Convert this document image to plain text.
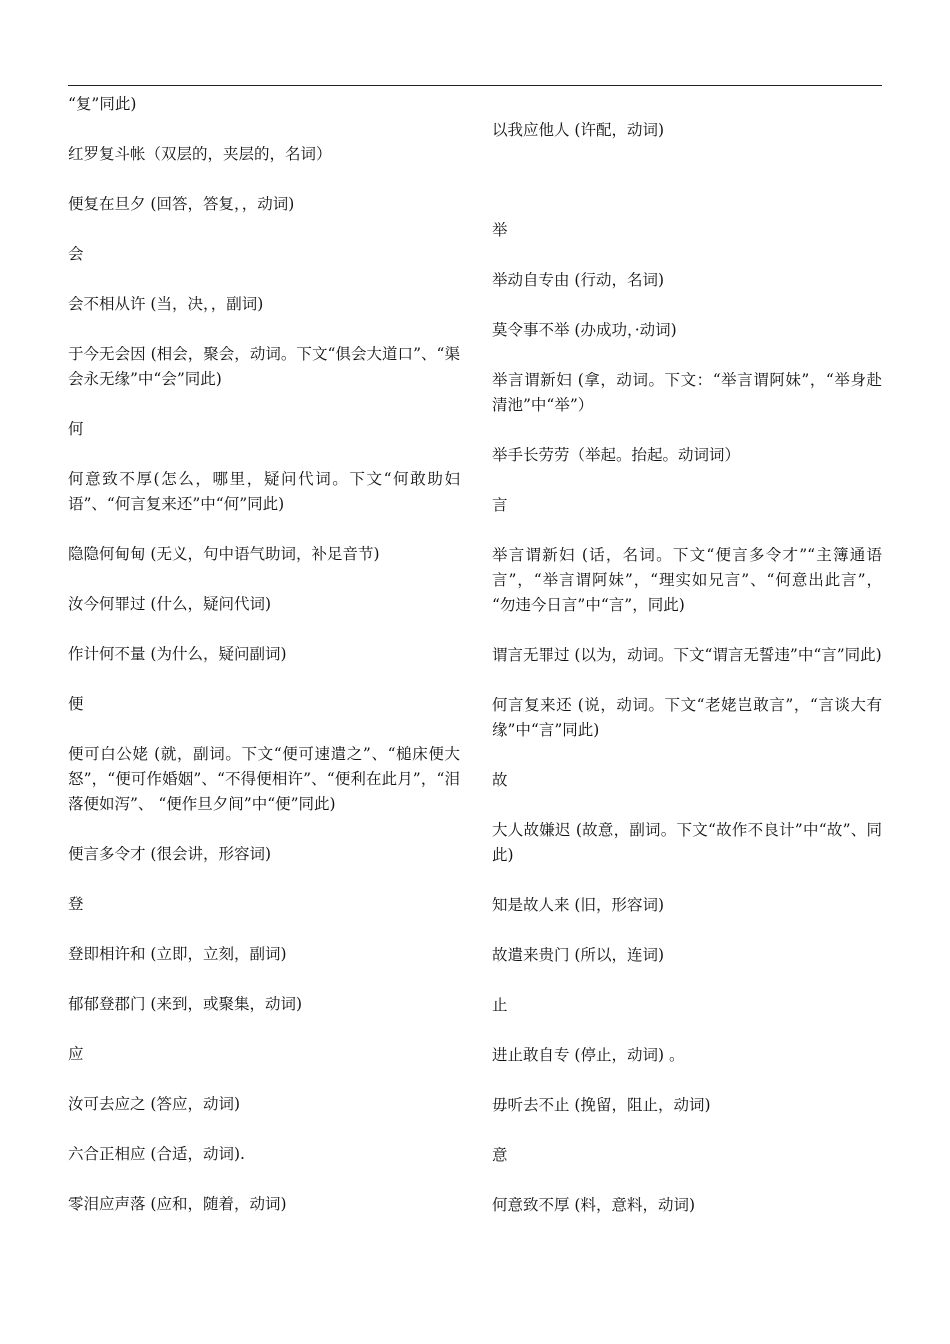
“复”同此)

红罗复斗帐（双层的，夹层的，名词）

便复在旦夕 (回答，答复，，动词)

会

会不相从许 (当，决，，副词)

于今无会因 (相会，聚会，动词。下文“俱会大道口”、“渠会永无缘”中“会”同此)

何

何意致不厚(怎么，哪里，疑问代词。下文“何敢助妇语”、“何言复来还”中“何”同此)

隐隐何甸甸 (无义，句中语气助词，补足音节)

汝今何罪过 (什么，疑问代词)

作计何不量 (为什么，疑问副词)

便

便可白公姥 (就，副词。下文“便可速遣之”、“槌床便大怒”，“便可作婚姻”、“不得便相许”、“便利在此月”，“泪落便如泻”、 “便作旦夕间”中“便”同此)

便言多令才 (很会讲，形容词)

登

登即相许和 (立即，立刻，副词)

郁郁登郡门 (来到，或聚集，动词)

应

汝可去应之 (答应，动词)

六合正相应 (合适，动词).

零泪应声落 (应和，随着，动词)

以我应他人 (许配，动词)

举

举动自专由 (行动，名词)

莫令事不举 (办成功，·动词)

举言谓新妇 (拿，动词。下文：“举言谓阿妹”，“举身赴清池”中“举”）

举手长劳劳（举起。抬起。动词词）

言

举言谓新妇 (话，名词。下文“便言多令才”“主簿通语言”，“举言谓阿妹”，“理实如兄言”、“何意出此言”， “勿违今日言”中“言”，同此)

谓言无罪过 (以为，动词。下文“谓言无誓违”中“言”同此)

何言复来还 (说，动词。下文“老姥岂敢言”，“言谈大有缘”中“言”同此)

故

大人故嫌迟 (故意，副词。下文“故作不良计”中“故”、同此)

知是故人来 (旧，形容词)

故遣来贵门 (所以，连词)

止

进止敢自专 (停止，动词) 。

毋听去不止 (挽留，阻止，动词)

意

何意致不厚 (料，意料，动词)
